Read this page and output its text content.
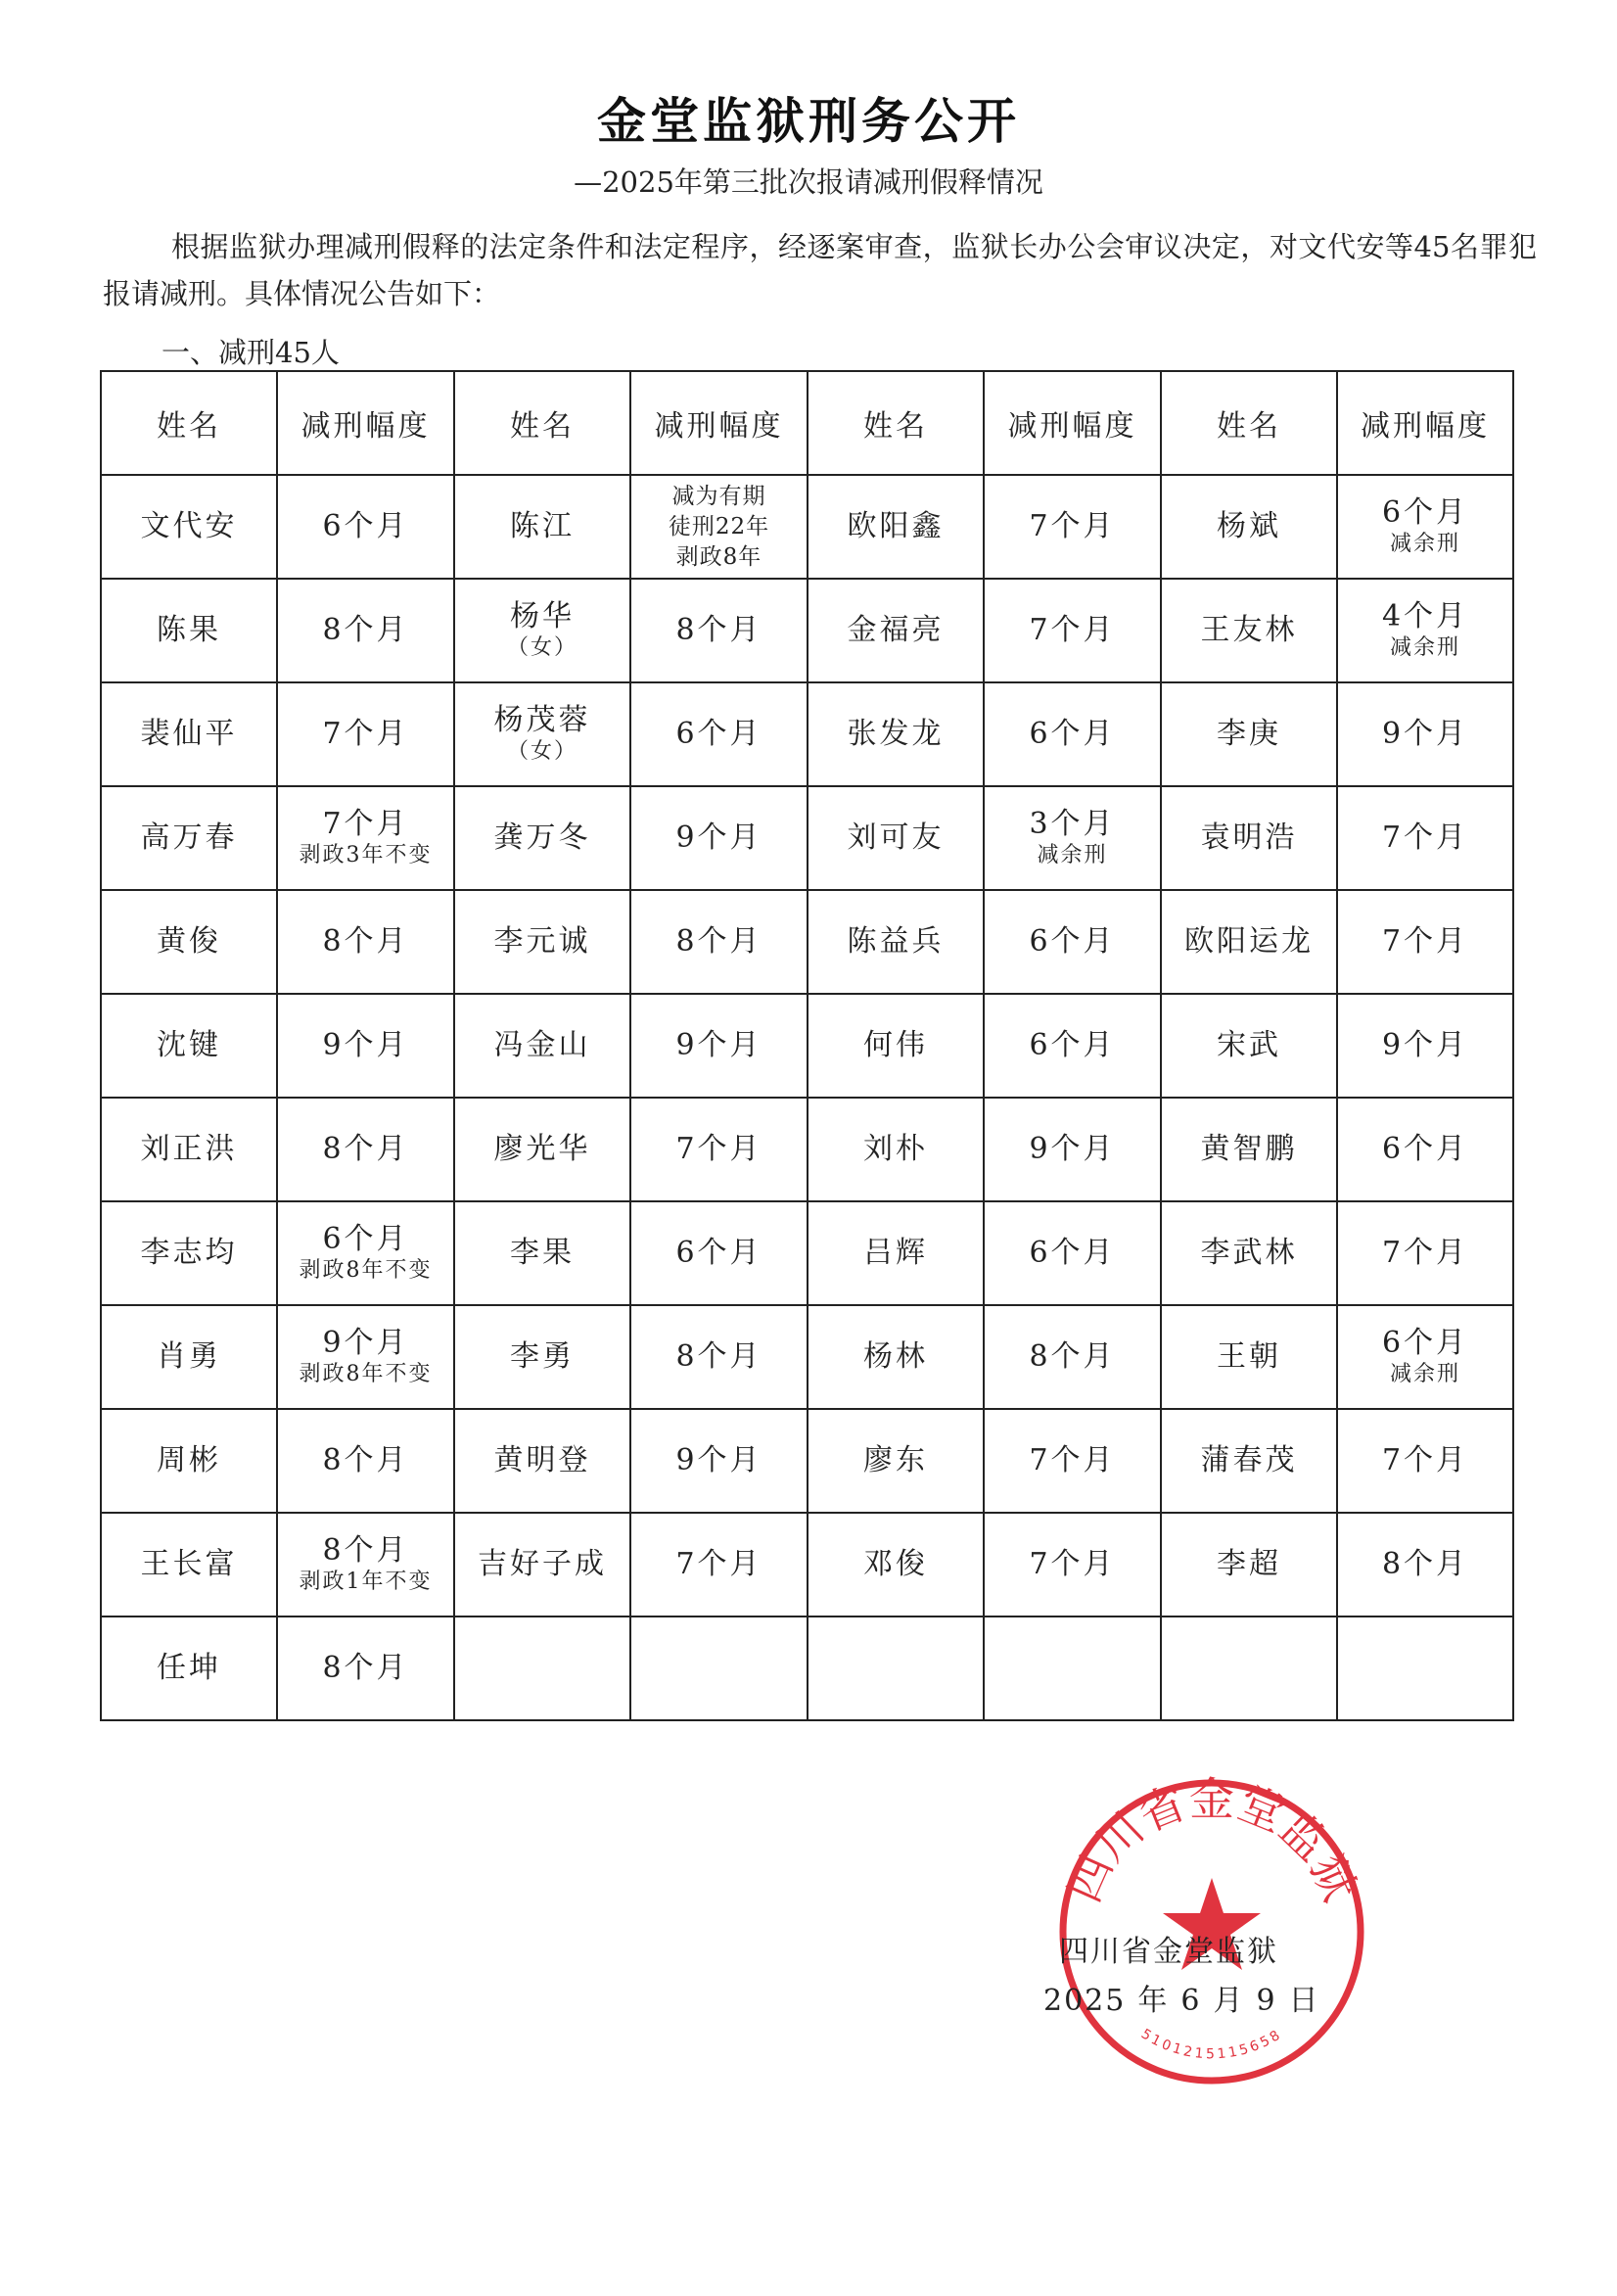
金堂监狱刑务公开
—2025年第三批次报请减刑假释情况
根据监狱办理减刑假释的法定条件和法定程序，经逐案审查，监狱长办公会审议决定，对文代安等45名罪犯报请减刑。具体情况公告如下：
一、减刑45人
姓名	减刑幅度	姓名	减刑幅度	姓名	减刑幅度	姓名	减刑幅度

文代安	6个月	陈江	减为有期
徒刑22年
剥政8年	欧阳鑫	7个月	杨斌	6个月
减余刑

陈果	8个月	杨华
（女）	8个月	金福亮	7个月	王友林	4个月
减余刑

裴仙平	7个月	杨茂蓉
（女）	6个月	张发龙	6个月	李庚	9个月

高万春	7个月
剥政3年不变	龚万冬	9个月	刘可友	3个月
减余刑	袁明浩	7个月

黄俊	8个月	李元诚	8个月	陈益兵	6个月	欧阳运龙	7个月

沈键	9个月	冯金山	9个月	何伟	6个月	宋武	9个月

刘正洪	8个月	廖光华	7个月	刘朴	9个月	黄智鹏	6个月

李志均	6个月
剥政8年不变	李果	6个月	吕辉	6个月	李武林	7个月

肖勇	9个月
剥政8年不变	李勇	8个月	杨林	8个月	王朝	6个月
减余刑

周彬	8个月	黄明登	9个月	廖东	7个月	蒲春茂	7个月

王长富	8个月
剥政1年不变	吉好子成	7个月	邓俊	7个月	李超	8个月

任坤	8个月						

四川省金堂监狱
5101215115658
四川省金堂监狱
2025 年 6 月 9 日
